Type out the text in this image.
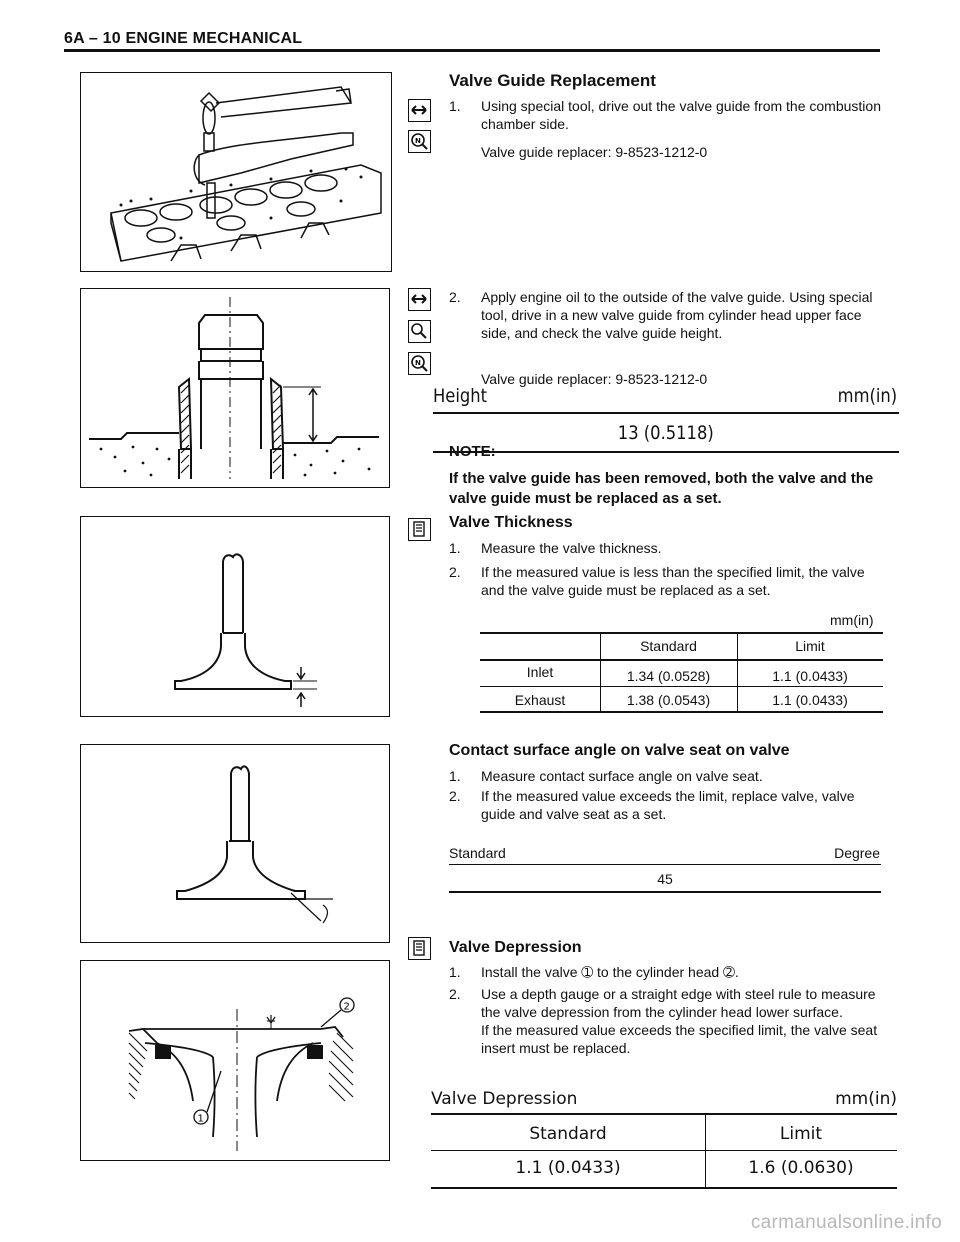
6A – 10 ENGINE MECHANICAL
N
Valve Guide Replacement
1. Using special tool, drive out the valve guide from the combustion chamber side.
Valve guide replacer: 9-8523-1212-0
N
2. Apply engine oil to the outside of the valve guide. Using special tool, drive in a new valve guide from cylinder head upper face side, and check the valve guide height.
Valve guide replacer: 9-8523-1212-0
Height	mm(in)
13 (0.5118)
NOTE:
If the valve guide has been removed, both the valve and the valve guide must be replaced as a set.
Valve Thickness
1. Measure the valve thickness.
2. If the measured value is less than the specified limit, the valve and the valve guide must be replaced as a set.
mm(in)
Standard	Limit
Inlet	1.34 (0.0528)	1.1 (0.0433)
Exhaust	1.38 (0.0543)	1.1 (0.0433)
Contact surface angle on valve seat on valve
1. Measure contact surface angle on valve seat.
2. If the measured value exceeds the limit, replace valve, valve guide and valve seat as a set.
Standard	Degree
45
1
2
Valve Depression
1. Install the valve ➀ to the cylinder head ➁.
2. Use a depth gauge or a straight edge with steel rule to measure the valve depression from the cylinder head lower surface.
If the measured value exceeds the specified limit, the valve seat insert must be replaced.
Valve Depression	mm(in)
Standard	Limit
1.1 (0.0433)	1.6 (0.0630)
carmanualsonline.info
